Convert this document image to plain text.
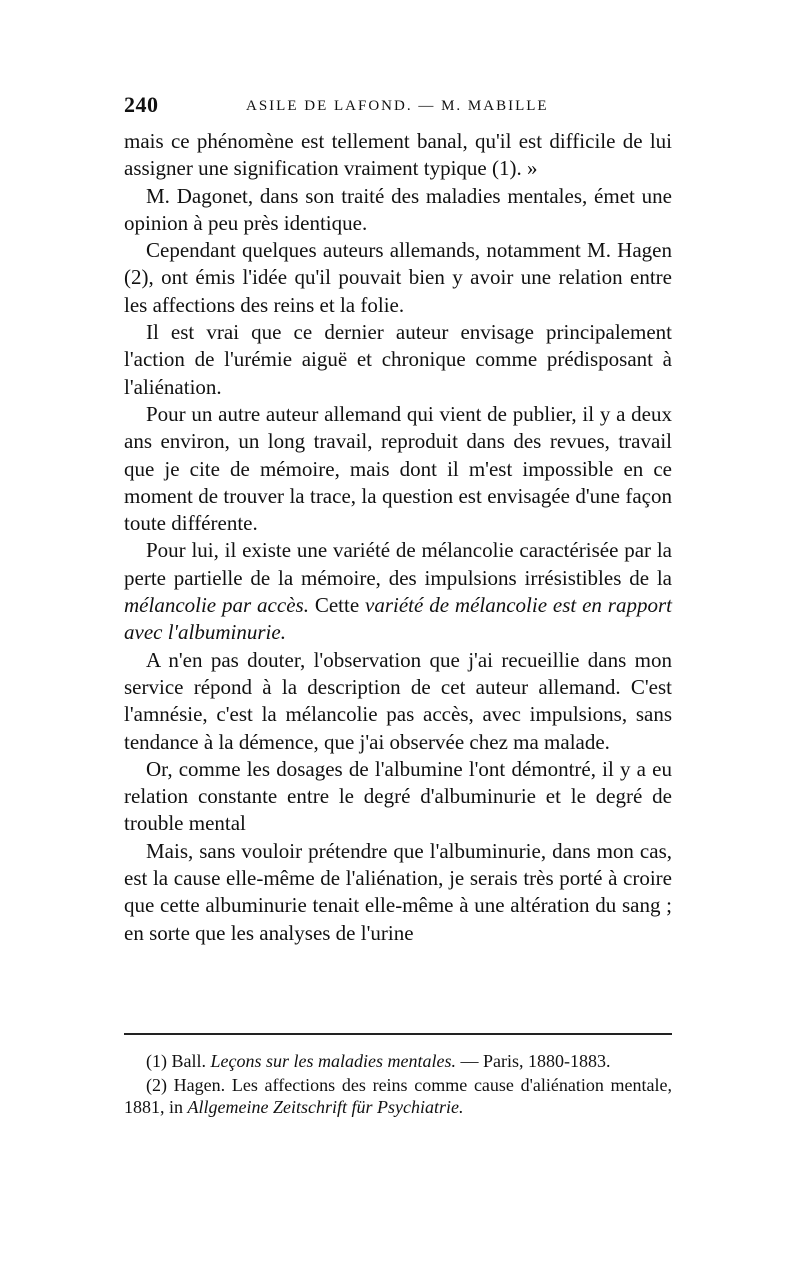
240	ASILE DE LAFOND. — M. MABILLE

mais ce phénomène est tellement banal, qu'il est difficile de lui assigner une signification vraiment typique (1). »

M. Dagonet, dans son traité des maladies mentales, émet une opinion à peu près identique.

Cependant quelques auteurs allemands, notamment M. Hagen (2), ont émis l'idée qu'il pouvait bien y avoir une relation entre les affections des reins et la folie.

Il est vrai que ce dernier auteur envisage principalement l'action de l'urémie aiguë et chronique comme prédisposant à l'aliénation.

Pour un autre auteur allemand qui vient de publier, il y a deux ans environ, un long travail, reproduit dans des revues, travail que je cite de mémoire, mais dont il m'est impossible en ce moment de trouver la trace, la question est envisagée d'une façon toute différente.

Pour lui, il existe une variété de mélancolie caractérisée par la perte partielle de la mémoire, des impulsions irrésistibles de la mélancolie par accès. Cette variété de mélancolie est en rapport avec l'albuminurie.

A n'en pas douter, l'observation que j'ai recueillie dans mon service répond à la description de cet auteur allemand. C'est l'amnésie, c'est la mélancolie pas accès, avec impulsions, sans tendance à la démence, que j'ai observée chez ma malade.

Or, comme les dosages de l'albumine l'ont démontré, il y a eu relation constante entre le degré d'albuminurie et le degré de trouble mental

Mais, sans vouloir prétendre que l'albuminurie, dans mon cas, est la cause elle-même de l'aliénation, je serais très porté à croire que cette albuminurie tenait elle-même à une altération du sang ; en sorte que les analyses de l'urine

(1) Ball. Leçons sur les maladies mentales. — Paris, 1880-1883.

(2) Hagen. Les affections des reins comme cause d'aliénation mentale, 1881, in Allgemeine Zeitschrift für Psychiatrie.
